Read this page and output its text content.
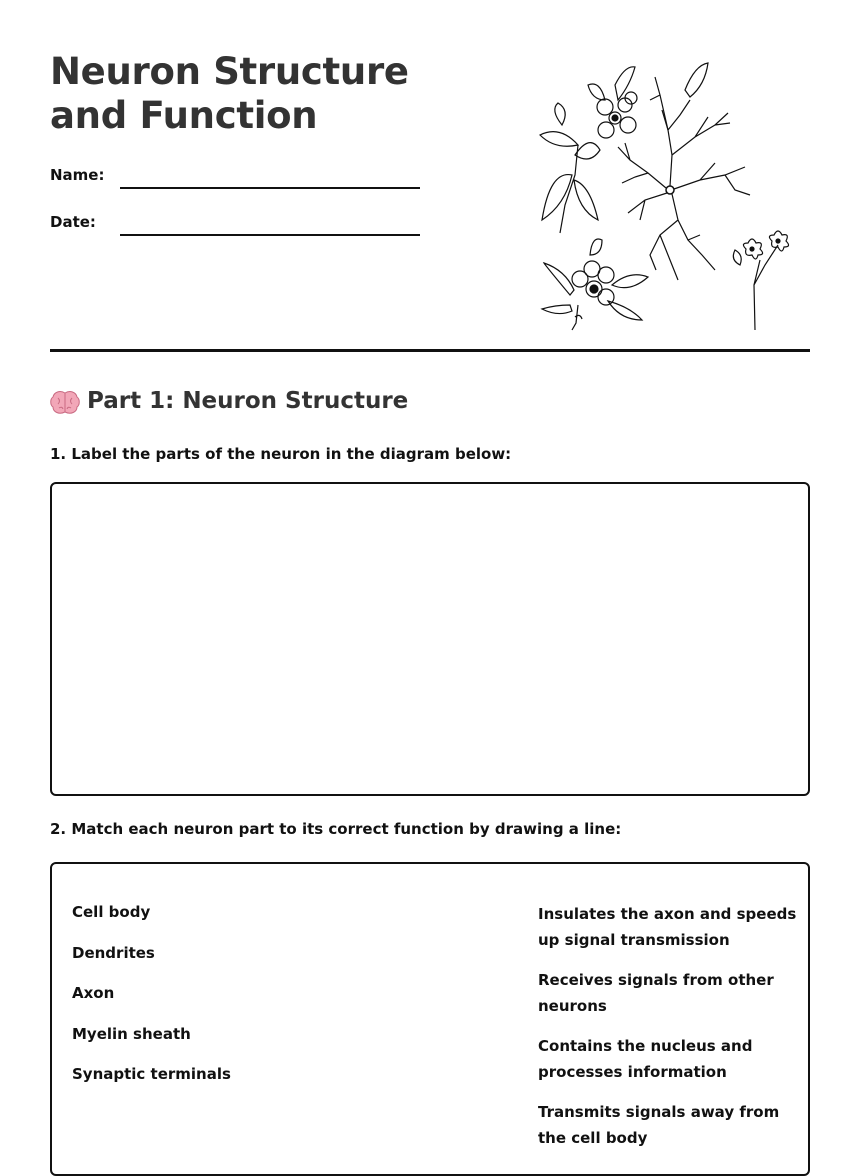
Neuron Structure and Function
Name:
Date:
Part 1: Neuron Structure
1. Label the parts of the neuron in the diagram below:
2. Match each neuron part to its correct function by drawing a line:
Cell body
Dendrites
Axon
Myelin sheath
Synaptic terminals
Insulates the axon and speeds up signal transmission
Receives signals from other neurons
Contains the nucleus and processes information
Transmits signals away from the cell body
